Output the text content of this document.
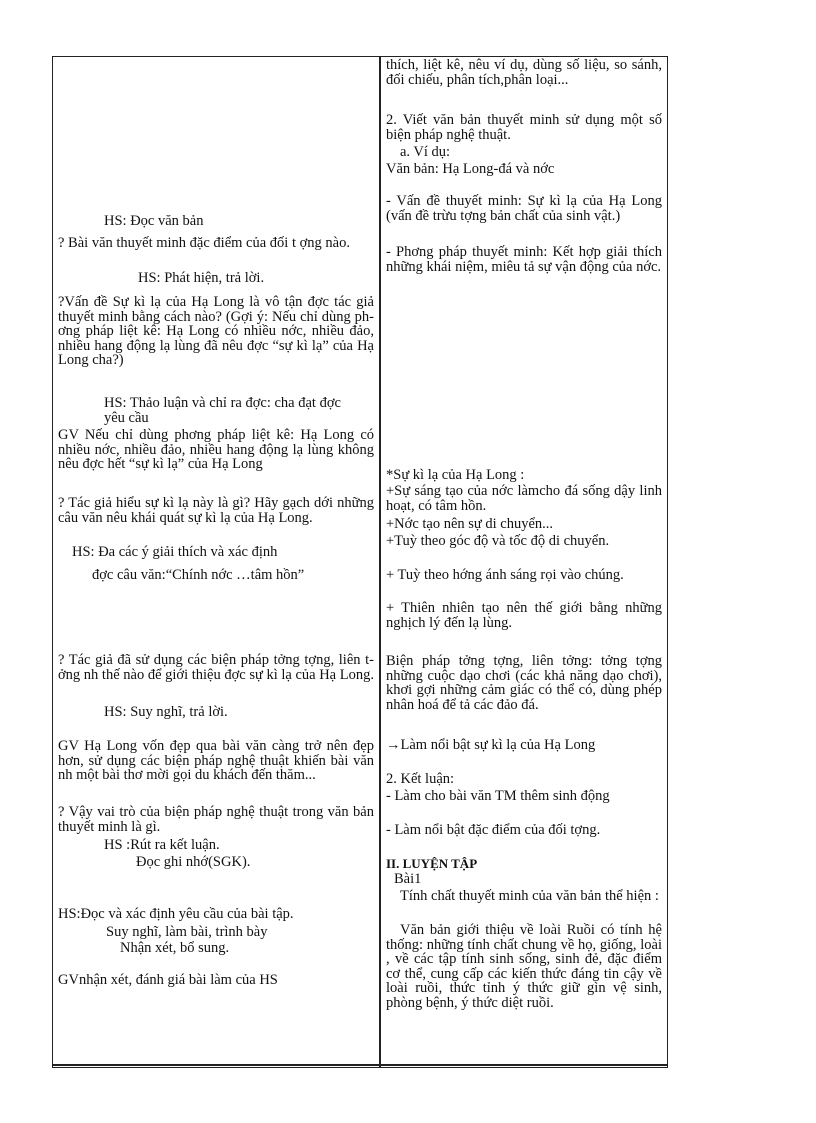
HS: Đọc văn bản

? Bài văn thuyết minh đặc điểm của đối t ợng nào.

HS: Phát hiện, trả lời.

?Vấn đề Sự kì lạ của Hạ Long là vô tận đợc tác giả thuyết minh bằng cách nào? (Gợi ý: Nếu chỉ dùng phơng pháp liệt kê: Hạ Long có nhiều nớc, nhiều đảo, nhiều hang động lạ lùng đã nêu đợc “sự kì lạ” của Hạ Long cha?)

HS: Thảo luận và chỉ ra đợc: cha đạt đợc yêu cầu

GV Nếu chỉ dùng phơng pháp liệt kê: Hạ Long có nhiều nớc, nhiều đảo, nhiều hang động lạ lùng không nêu đợc hết “sự kì lạ” của Hạ Long

? Tác giả hiểu sự kì lạ này là gì? Hãy gạch dới những câu văn nêu khái quát sự kì lạ của Hạ Long.

HS: Đa các ý giải thích và xác định

đợc câu văn:“Chính nớc …tâm hồn”

? Tác giả đã sử dụng các biện pháp tởng tợng, liên tởng nh thế nào để giới thiệu đợc sự kì lạ của Hạ Long.

HS: Suy nghĩ, trả lời.

GV Hạ Long vốn đẹp qua bài văn càng trở nên đẹp hơn, sử dụng các biện pháp nghệ thuật khiến bài văn nh một bài thơ mời gọi du khách đến thăm...

? Vậy vai trò của biện pháp nghệ thuật trong văn bản thuyết minh là gì.

HS :Rút ra kết luận.

Đọc ghi nhớ(SGK).

HS:Đọc và xác định yêu cầu của bài tập.

Suy nghĩ, làm bài, trình bày

Nhận xét, bổ sung.

GVnhận xét, đánh giá bài làm của HS

thích, liệt kê, nêu ví dụ, dùng số liệu, so sánh, đối chiếu, phân tích,phân loại...

2. Viết văn bản thuyết minh sử dụng một số biện pháp nghệ thuật.

a. Ví dụ:

Văn bản: Hạ Long-đá và nớc

- Vấn đề thuyết minh: Sự kì lạ của Hạ Long (vấn đề trừu tợng bản chất của sinh vật.)

- Phơng pháp thuyết minh: Kết hợp giải thích những khái niệm, miêu tả sự vận động của nớc.

*Sự kì lạ của Hạ Long :

+Sự sáng tạo của nớc làmcho đá sống dậy linh hoạt, có tâm hồn.

+Nớc tạo nên sự di chuyển...

+Tuỳ theo góc độ và tốc độ di chuyển.

+ Tuỳ theo hớng ánh sáng rọi vào chúng.

+ Thiên nhiên tạo nên thế giới bằng những nghịch lý đến lạ lùng.

Biện pháp tởng tợng, liên tởng: tởng tợng những cuộc dạo chơi (các khả năng dạo chơi), khơi gợi những cảm giác có thể có, dùng phép nhân hoá để tả các đảo đá.

→Làm nổi bật sự kì lạ của Hạ Long

2. Kết luận:

- Làm cho bài văn TM thêm sinh động

- Làm nổi bật đặc điểm của đối tợng.

II. LUYỆN TẬP

Bài1

Tính chất thuyết minh của văn bản thể hiện :

Văn bản giới thiệu về loài Ruồi có tính hệ thống: những tính chất chung về họ, giống, loài , về các tập tính sinh sống, sinh đẻ, đặc điểm cơ thể, cung cấp các kiến thức đáng tin cậy về loài ruồi, thức tỉnh ý thức giữ gìn vệ sinh, phòng bệnh, ý thức diệt ruồi.
